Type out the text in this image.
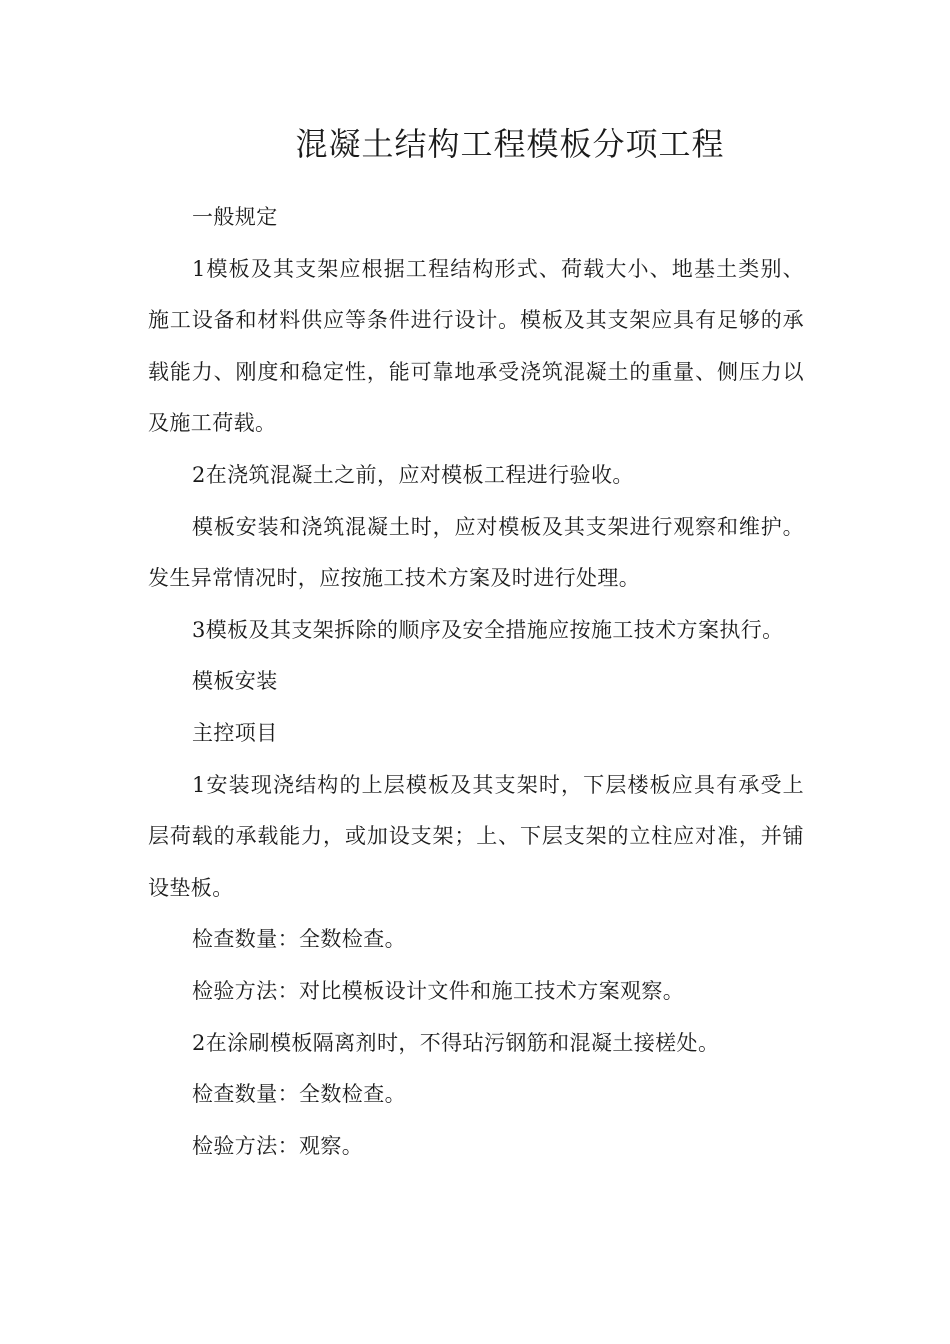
混凝土结构工程模板分项工程

一般规定

1模板及其支架应根据工程结构形式、荷载大小、地基土类别、施工设备和材料供应等条件进行设计。模板及其支架应具有足够的承载能力、刚度和稳定性，能可靠地承受浇筑混凝土的重量、侧压力以及施工荷载。

2在浇筑混凝土之前，应对模板工程进行验收。

模板安装和浇筑混凝土时，应对模板及其支架进行观察和维护。发生异常情况时，应按施工技术方案及时进行处理。

3模板及其支架拆除的顺序及安全措施应按施工技术方案执行。

模板安装

主控项目

1安装现浇结构的上层模板及其支架时，下层楼板应具有承受上层荷载的承载能力，或加设支架；上、下层支架的立柱应对准，并铺设垫板。

检查数量：全数检查。

检验方法：对比模板设计文件和施工技术方案观察。

2在涂刷模板隔离剂时，不得玷污钢筋和混凝土接槎处。

检查数量：全数检查。

检验方法：观察。
